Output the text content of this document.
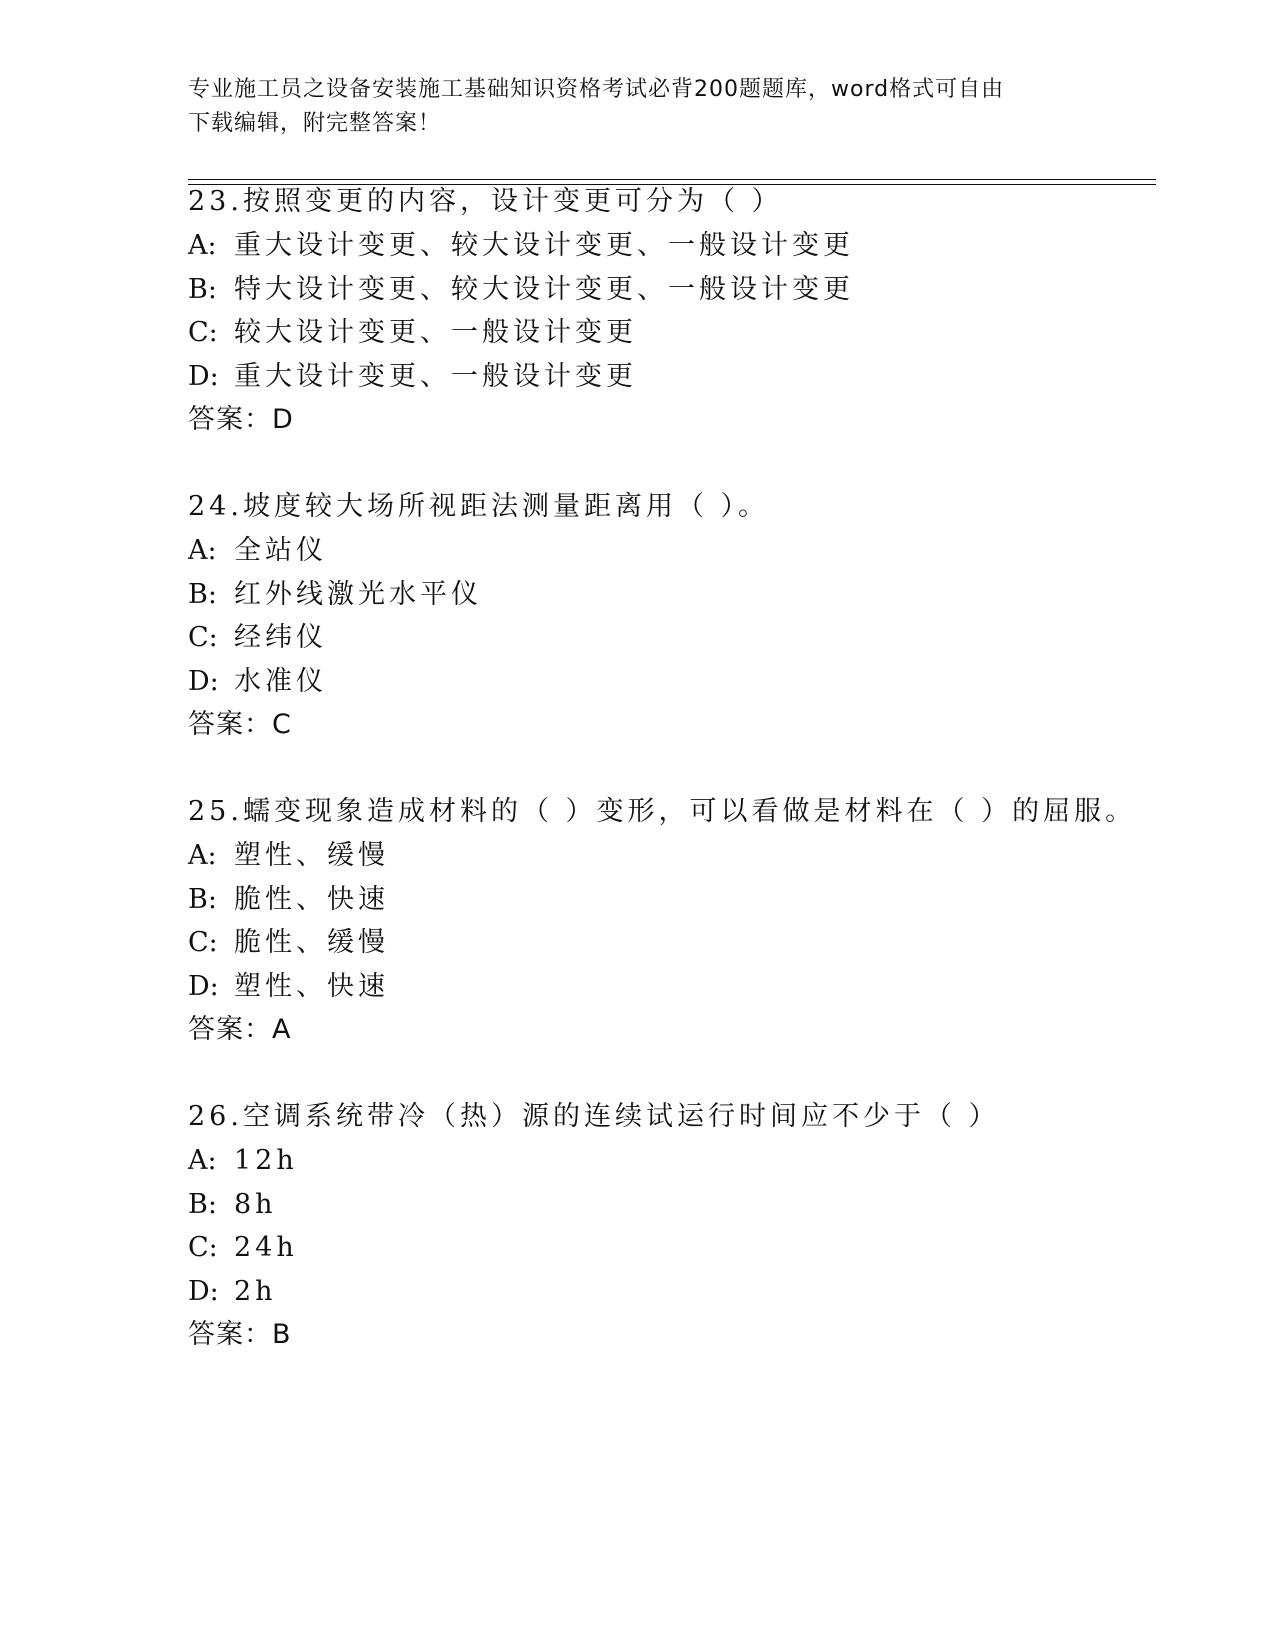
专业施工员之设备安装施工基础知识资格考试必背200题题库，word格式可自由
下载编辑，附完整答案！
23.按照变更的内容，设计变更可分为（ ）
A: 重大设计变更、较大设计变更、一般设计变更
B: 特大设计变更、较大设计变更、一般设计变更
C: 较大设计变更、一般设计变更
D: 重大设计变更、一般设计变更
答案：D
24.坡度较大场所视距法测量距离用（ ）。
A: 全站仪
B: 红外线激光水平仪
C: 经纬仪
D: 水准仪
答案：C
25.蠕变现象造成材料的（ ）变形，可以看做是材料在（ ）的屈服。
A: 塑性、缓慢
B: 脆性、快速
C: 脆性、缓慢
D: 塑性、快速
答案：A
26.空调系统带冷（热）源的连续试运行时间应不少于（ ）
A: 12h
B: 8h
C: 24h
D: 2h
答案：B
